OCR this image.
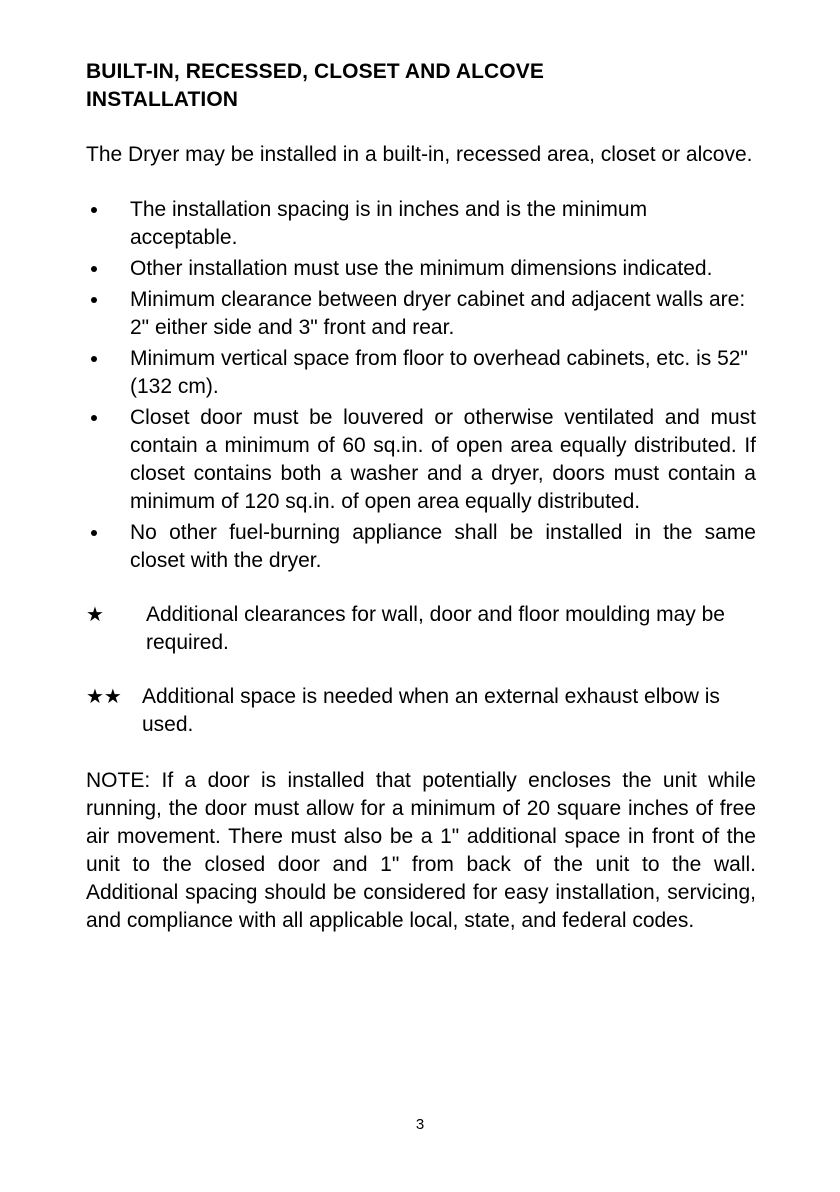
BUILT-IN, RECESSED, CLOSET AND ALCOVE
INSTALLATION

The Dryer may be installed in a built-in, recessed area, closet or alcove.

The installation spacing is in inches and is the minimum acceptable.
Other installation must use the minimum dimensions indicated.
Minimum clearance between dryer cabinet and adjacent walls are: 2" either side and 3" front and rear.
Minimum vertical space from floor to overhead cabinets, etc. is 52" (132 cm).
Closet door must be louvered or otherwise ventilated and must contain a minimum of 60 sq.in. of open area equally distributed. If closet contains both a washer and a dryer, doors must contain a minimum of 120 sq.in. of open area equally distributed.
No other fuel-burning appliance shall be installed in the same closet with the dryer.
★	Additional clearances for wall, door and floor moulding may be required.
★★ Additional space is needed when an external exhaust elbow is used.

NOTE: If a door is installed that potentially encloses the unit while running, the door must allow for a minimum of 20 square inches of free air movement. There must also be a 1" additional space in front of the unit to the closed door and 1" from back of the unit to the wall. Additional spacing should be considered for easy installation, servicing, and compliance with all applicable local, state, and federal codes.

3
